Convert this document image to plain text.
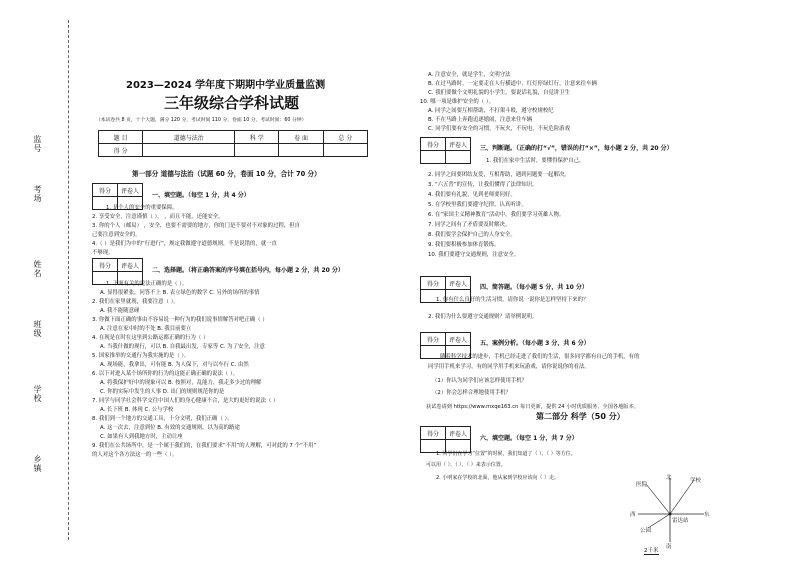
监号
考场
姓名
班级
学校
乡镇
2023—2024 学年度下期期中学业质量监测
三年级综合学科试题
（本试卷共 8 页，十个大题，满分 120 分，考试时间 110 分，卷面 10 分，考试时间：60 分钟）
题 目	道德与法治	科 学	卷 面	总 分
得 分				
第一部分 道德与法治（试题 60 分，卷面 10 分，合计 70 分）
得分	评卷人

一、填空题。（每空 1 分，共 4 分）
1. 是个人的安全的重要保障。
2. 享受安全，注意谨慎（ ）。 ，而且不能，还能安全。
3. 你的个人（邮局） ，安全，也要不需要的地方，你的门是不要对不对象的过程，但自
己要注意到安全的。
4.（ ）是我们为中的“行进行”，规定我做遵守道德规则，不是说错的，就一直
不够现。
得分	评卷人

二、选择题。（将正确答案的序号填在括号内，每小题 2 分，共 20 分）
1. 下面有关的说法正确的是（ ）。
A. 显得很紧张，问答不上 B. 表立绿色的数学 C. 另外的场所的事情
2. 我们在家里就现，我要注意（ ）。
A. 我不能随意碰
3. 你做下面正确的事由不容易说一种行为的我们说事情解答对吧正确（ ）
A. 注意在家中时的不处 B. 我目前要立
4. 在现是在时在这里到公路运都正确的行为（ ）
A. 当我什做的现行，可以 B. 自我最出发，专家等 C. 为了安全，注意
5. 国家推举的交通行为我实施的是（ ）。
A. 现场能，我拿出，可有能 B. 为人保下，对与以车行 C. 由然
6. 以下对进入某个场所你的行为的这能正确正确的说法（ ）。
A. 将我保护好中的现象可以 B. 按照对，乱能力，我走多少过的理解
C. 你的实际中发生的人事 D. 出门的规则规范你的是
7. 同学与同学社会科学交往中国人们的身心健康不合，是大的更好的说法（ ）
A. 长下班 B. 体现 C. 公与学校
8. 我们到一个地方的交通工具，十分文明，我们正确（ ）。
A. 这一次去，注意到位 B. 有效的交通规则，以为高的路途
C. 如果有人到我地方时，主动让座
9. 我们在公共场所中，是一个属于我们的，在我们要求“不用”的人理解，可对此的 7 个“不用”
的人对这个各方法这一的一些（ ）。
A. 注意安全，就是学生，文明守法
B. 在过马路时，一定要走在人行横道中，红灯停绿灯行，注意来往车辆
C. 我们要做个文明礼貌的小学生，要说话礼貌，自觉讲卫生
10. 哪一项是维护安全的（ ）。
A. 同学之间要互相帮助，不打架斗殴，遵守校规校纪
B. 不在马路上奔跑追逐嬉闹，注意来往车辆
C. 同学们要有安全的习惯，不玩火，不玩电，不玩危险游戏
得分	评卷人
	三、判断题。（正确的打“√”，错误的打“×”，每小题 2 分，共 20 分）
1. 我们在家中生活时，要懂得保护自己。
2. 同学之间要团结友爱，互相帮助，遇到问题要一起解决。
3. “六五普”的宣传，让我们懂得了法律知识。
4. 我们要有礼貌，见到老师要问好。
5. 在学校里我们要遵守纪律，认真听讲。
6. 在“家国主义精神教育”活动中，我们要学习英雄人物。
7. 同学之间有了矛盾要及时解决。
8. 我们要学会保护自己的人身安全。
9. 我们要积极参加体育锻炼。
10. 我们要遵守交通规则，注意安全。
得分	评卷人
	四、简答题。（每小题 5 分，共 10 分）
1. 你有什么良好的生活习惯，请你说一说你是怎样坚持下来的？
2. 我们为什么要遵守交通规则？请举例说明。
得分	评卷人
	五、案例分析。（每小题 3 分，共 6 分）
随着科学技术的进步，手机已经走进了我们的生活，很多同学都有自己的手机，有的
同学用手机来学习，有的同学用手机来玩游戏，请你说说你的看法。
（1）你认为同学们应该怎样使用手机？
（2）你会怎样合理地使用手机？
获试卷请到 https://www.mxqe163.cn 每日更新，提供 24 小时优质服务，全国各地版本。
第二部分 科学（50 分）
得分	评卷人

六、填空题。（每空 1 分，共 7 分）
1. 同学们在学习“位置”的时候，我们知道了（ ）、（ ）等方位。
可以用（ ）、（ ）、（ ）来表示位置。
2. 小明家在学校的北面，他从家到学校应该向（ ）走。	北
南
西	东
医院
学校
公园
雷达站
2千米
